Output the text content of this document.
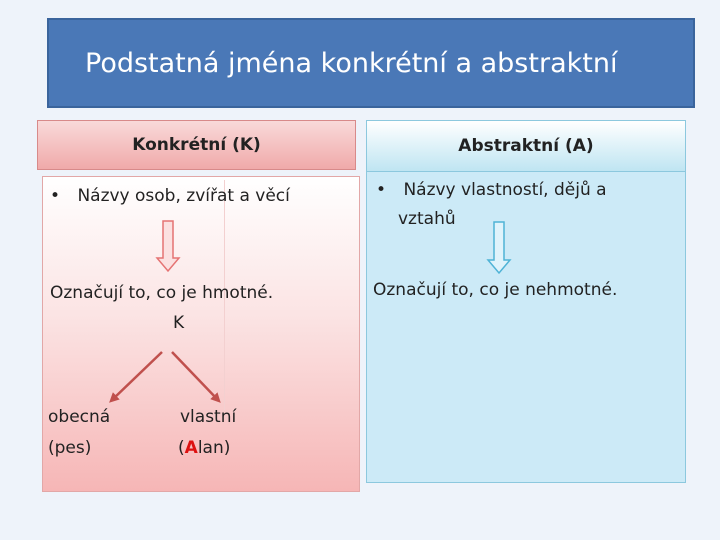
Podstatná jména konkrétní a abstraktní
Konkrétní (K)
• Názvy osob, zvířat a věcí
Označují to, co je hmotné.
K
obecná
(pes)
vlastní
(Alan)
Abstraktní (A)
• Názvy vlastností, dějů a
vztahů
Označují to, co je nehmotné.
